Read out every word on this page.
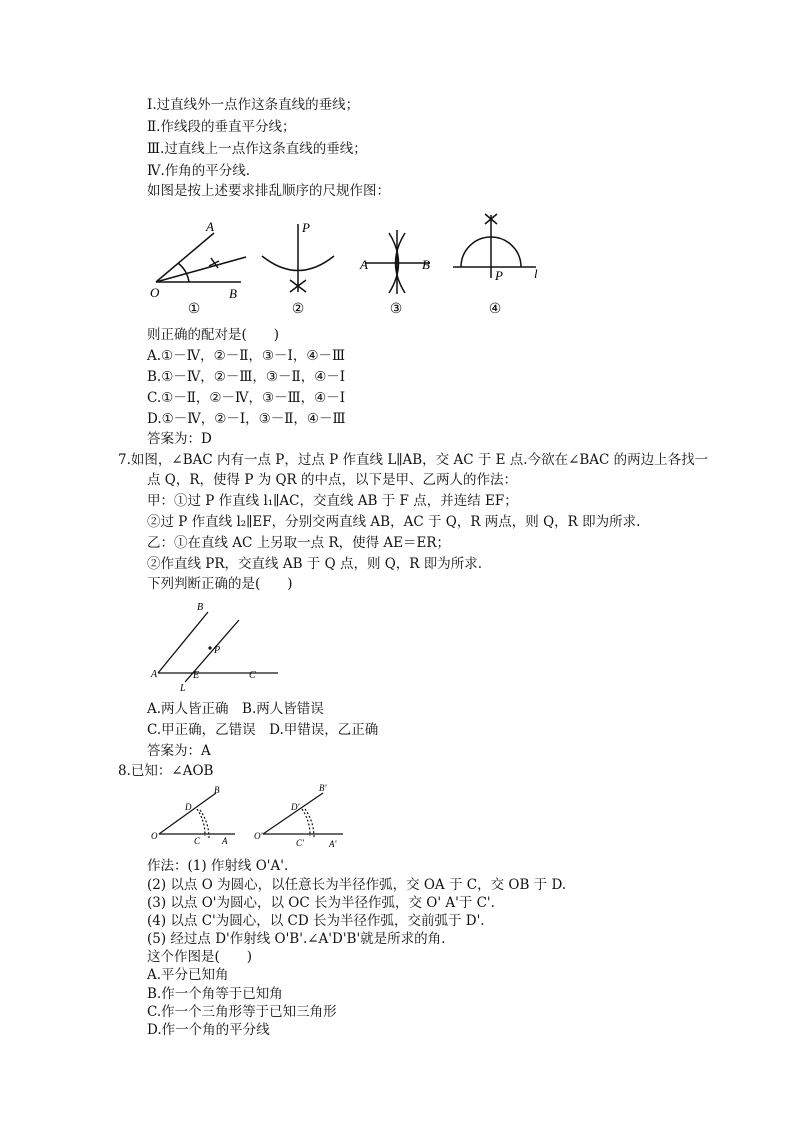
Ⅰ.过直线外一点作这条直线的垂线；
Ⅱ.作线段的垂直平分线；
Ⅲ.过直线上一点作这条直线的垂线；
Ⅳ.作角的平分线.
如图是按上述要求排乱顺序的尺规作图：
A
O	B
P
A	B
P l
①	②	③	④
则正确的配对是(　　)
A.①－Ⅳ，②－Ⅱ，③－Ⅰ，④－Ⅲ
B.①－Ⅳ，②－Ⅲ，③－Ⅱ，④－Ⅰ
C.①－Ⅱ，②－Ⅳ，③－Ⅲ，④－Ⅰ
D.①－Ⅳ，②－Ⅰ，③－Ⅱ，④－Ⅲ
答案为：D
7.如图，∠BAC 内有一点 P，过点 P 作直线 L∥AB，交 AC 于 E 点.今欲在∠BAC 的两边上各找一
点 Q，R，使得 P 为 QR 的中点，以下是甲、乙两人的作法：
甲：①过 P 作直线 l₁∥AC，交直线 AB 于 F 点，并连结 EF；
②过 P 作直线 l₂∥EF，分别交两直线 AB，AC 于 Q，R 两点，则 Q，R 即为所求.
乙：①在直线 AC 上另取一点 R，使得 AE＝ER；
②作直线 PR，交直线 AB 于 Q 点，则 Q，R 即为所求.
下列判断正确的是(　　)
B
P
A	E	C
L
A.两人皆正确　B.两人皆错误
C.甲正确，乙错误　D.甲错误，乙正确
答案为：A
8.已知：∠AOB
O	A
B
C
D
O'
A'
B'
C'
D'
作法：(1) 作射线 O'A'.
(2) 以点 O 为圆心，以任意长为半径作弧，交 OA 于 C，交 OB 于 D.
(3) 以点 O'为圆心，以 OC 长为半径作弧，交 O' A'于 C'.
(4) 以点 C'为圆心，以 CD 长为半径作弧，交前弧于 D'.
(5) 经过点 D'作射线 O'B'.∠A'D'B'就是所求的角.
这个作图是(　　)
A.平分已知角
B.作一个角等于已知角
C.作一个三角形等于已知三角形
D.作一个角的平分线
